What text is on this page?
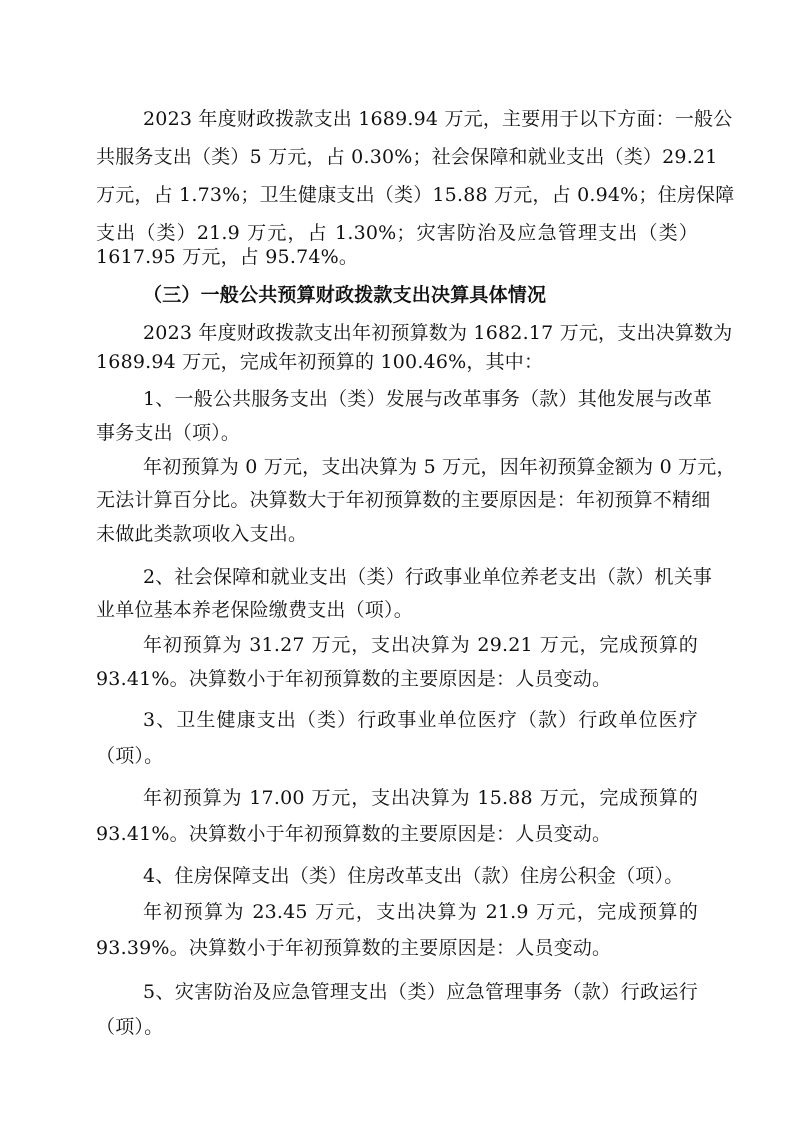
2023 年度财政拨款支出 1689.94 万元，主要用于以下方面：一般公

共服务支出（类）5 万元，占 0.30%；社会保障和就业支出（类）29.21

万元，占 1.73%；卫生健康支出（类）15.88 万元，占 0.94%；住房保障

支出（类）21.9 万元，占 1.30%；灾害防治及应急管理支出（类）

1617.95 万元，占 95.74%。

（三）一般公共预算财政拨款支出决算具体情况

2023 年度财政拨款支出年初预算数为 1682.17 万元，支出决算数为

1689.94 万元，完成年初预算的 100.46%，其中：

1、一般公共服务支出（类）发展与改革事务（款）其他发展与改革

事务支出（项）。

年初预算为 0 万元，支出决算为 5 万元，因年初预算金额为 0 万元，

无法计算百分比。决算数大于年初预算数的主要原因是：年初预算不精细

未做此类款项收入支出。

2、社会保障和就业支出（类）行政事业单位养老支出（款）机关事

业单位基本养老保险缴费支出（项）。

年初预算为 31.27 万元，支出决算为 29.21 万元，完成预算的

93.41%。决算数小于年初预算数的主要原因是：人员变动。

3、卫生健康支出（类）行政事业单位医疗（款）行政单位医疗

（项）。

年初预算为 17.00 万元，支出决算为 15.88 万元，完成预算的

93.41%。决算数小于年初预算数的主要原因是：人员变动。

4、住房保障支出（类）住房改革支出（款）住房公积金（项）。

年初预算为 23.45 万元，支出决算为 21.9 万元，完成预算的

93.39%。决算数小于年初预算数的主要原因是：人员变动。

5、灾害防治及应急管理支出（类）应急管理事务（款）行政运行

（项）。
